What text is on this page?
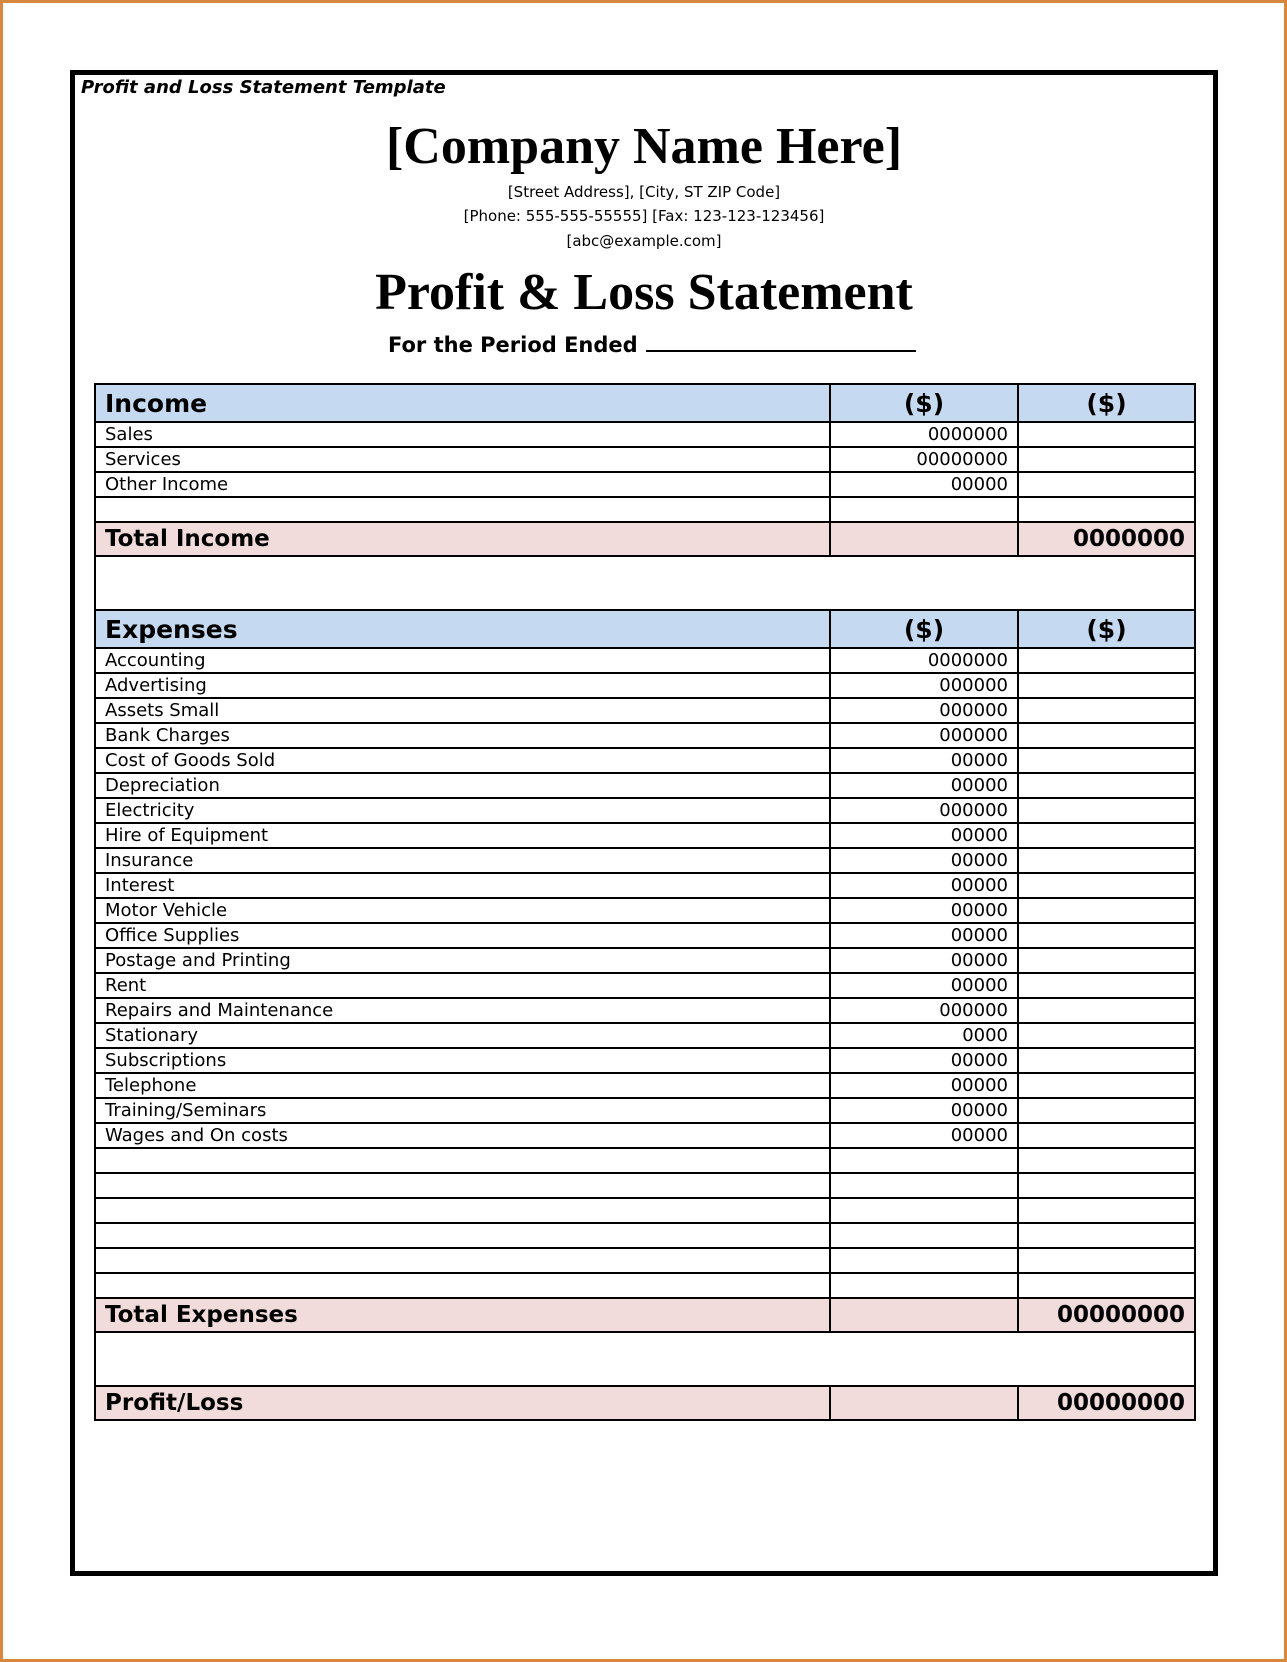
Profit and Loss Statement Template
[Company Name Here]
[Street Address], [City, ST ZIP Code]
[Phone: 555-555-55555] [Fax: 123-123-123456]
[abc@example.com]
Profit & Loss Statement
For the Period Ended
Income	($)	($)
Sales	0000000	
Services	00000000	
Other Income	00000	

Total Income		0000000

Expenses	($)	($)
Accounting	0000000	
Advertising	000000	
Assets Small	000000	
Bank Charges	000000	
Cost of Goods Sold	00000	
Depreciation	00000	
Electricity	000000	
Hire of Equipment	00000	
Insurance	00000	
Interest	00000	
Motor Vehicle	00000	
Office Supplies	00000	
Postage and Printing	00000	
Rent	00000	
Repairs and Maintenance	000000	
Stationary	0000	
Subscriptions	00000	
Telephone	00000	
Training/Seminars	00000	
Wages and On costs	00000	

Total Expenses		00000000

Profit/Loss		00000000
